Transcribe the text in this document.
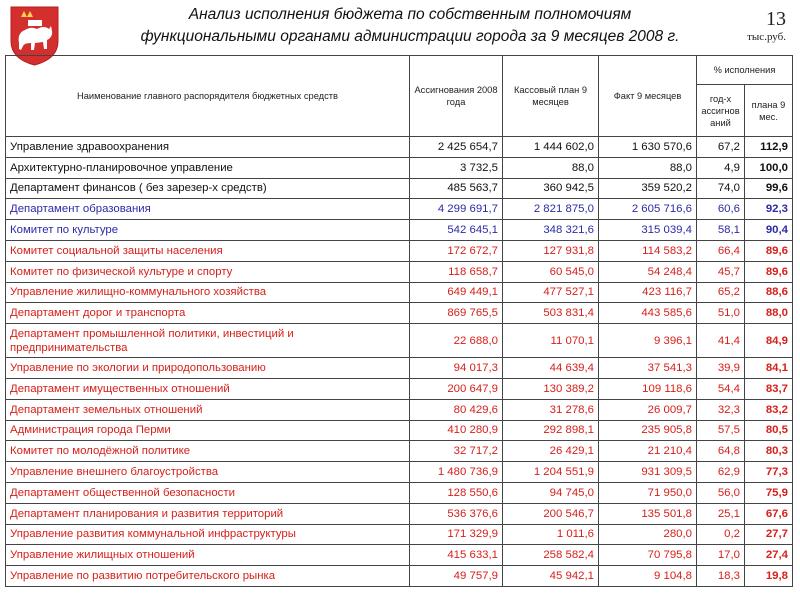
Анализ исполнения бюджета по собственным полномочиям
функциональными органами администрации города за 9 месяцев 2008 г.
13
тыс.руб.
Наименование главного распорядителя бюджетных средств	Ассигнования 2008 года	Кассовый план 9 месяцев	Факт 9 месяцев	% исполнения	
				год-х ассигнов аний	плана 9 мес.
Управление здравоохранения	2 425 654,7	1 444 602,0	1 630 570,6	67,2	112,9
Архитектурно-планировочное управление	3 732,5	88,0	88,0	4,9	100,0
Департамент финансов ( без зарезер-х средств)	485 563,7	360 942,5	359 520,2	74,0	99,6
Департамент образования	4 299 691,7	2 821 875,0	2 605 716,6	60,6	92,3
Комитет по культуре	542 645,1	348 321,6	315 039,4	58,1	90,4
Комитет социальной защиты населения	172 672,7	127 931,8	114 583,2	66,4	89,6
Комитет по физической культуре и спорту	118 658,7	60 545,0	54 248,4	45,7	89,6
Управление жилищно-коммунального хозяйства	649 449,1	477 527,1	423 116,7	65,2	88,6
Департамент дорог и транспорта	869 765,5	503 831,4	443 585,6	51,0	88,0
Департамент промышленной политики, инвестиций и предпринимательства	22 688,0	11 070,1	9 396,1	41,4	84,9
Управление по экологии и природопользованию	94 017,3	44 639,4	37 541,3	39,9	84,1
Департамент имущественных отношений	200 647,9	130 389,2	109 118,6	54,4	83,7
Департамент земельных отношений	80 429,6	31 278,6	26 009,7	32,3	83,2
Администрация города Перми	410 280,9	292 898,1	235 905,8	57,5	80,5
Комитет по молодёжной политике	32 717,2	26 429,1	21 210,4	64,8	80,3
Управление внешнего благоустройства	1 480 736,9	1 204 551,9	931 309,5	62,9	77,3
Департамент общественной безопасности	128 550,6	94 745,0	71 950,0	56,0	75,9
Департамент планирования и развития территорий	536 376,6	200 546,7	135 501,8	25,1	67,6
Управление развития коммунальной инфраструктуры	171 329,9	1 011,6	280,0	0,2	27,7
Управление жилищных отношений	415 633,1	258 582,4	70 795,8	17,0	27,4
Управление по развитию потребительского рынка	49 757,9	45 942,1	9 104,8	18,3	19,8
